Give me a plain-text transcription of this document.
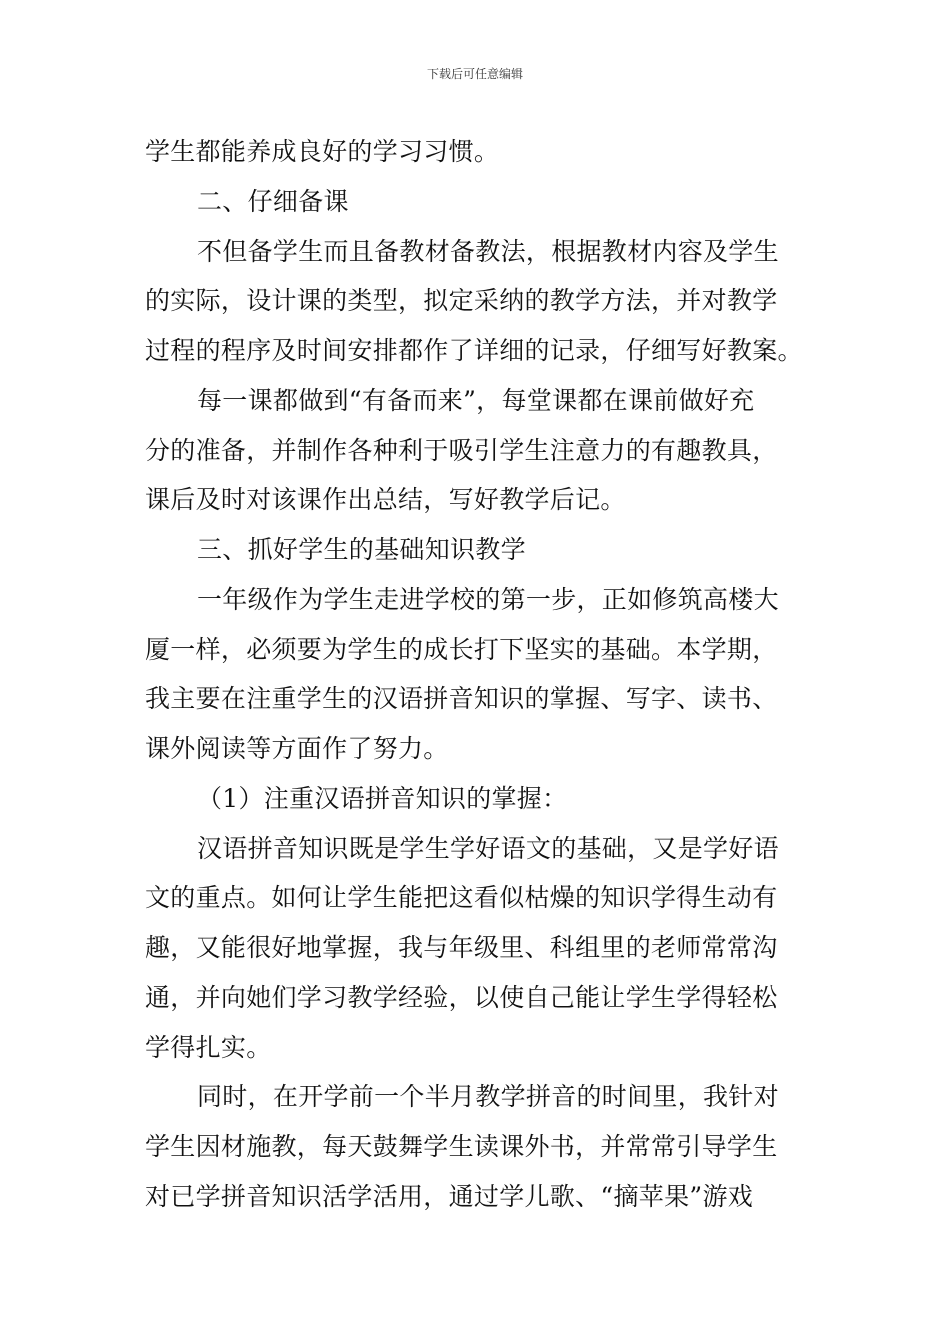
下载后可任意编辑
学生都能养成良好的学习习惯。
二、仔细备课
不但备学生而且备教材备教法，根据教材内容及学生
的实际，设计课的类型，拟定采纳的教学方法，并对教学
过程的程序及时间安排都作了详细的记录，仔细写好教案。
每一课都做到“有备而来”，每堂课都在课前做好充
分的准备，并制作各种利于吸引学生注意力的有趣教具，
课后及时对该课作出总结，写好教学后记。
三、抓好学生的基础知识教学
一年级作为学生走进学校的第一步，正如修筑高楼大
厦一样，必须要为学生的成长打下坚实的基础。本学期，
我主要在注重学生的汉语拼音知识的掌握、写字、读书、
课外阅读等方面作了努力。
（1）注重汉语拼音知识的掌握：
汉语拼音知识既是学生学好语文的基础，又是学好语
文的重点。如何让学生能把这看似枯燥的知识学得生动有
趣，又能很好地掌握，我与年级里、科组里的老师常常沟
通，并向她们学习教学经验，以使自己能让学生学得轻松
学得扎实。
同时，在开学前一个半月教学拼音的时间里，我针对
学生因材施教，每天鼓舞学生读课外书，并常常引导学生
对已学拼音知识活学活用，通过学儿歌、“摘苹果”游戏
